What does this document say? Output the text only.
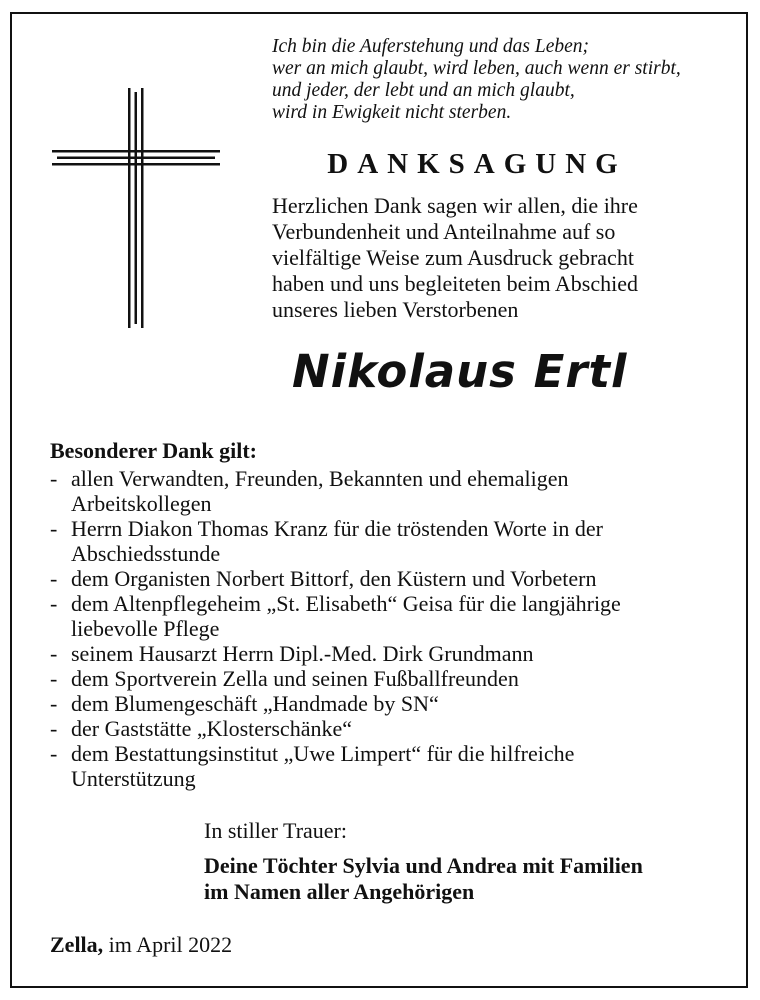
Ich bin die Auferstehung und das Leben;
wer an mich glaubt, wird leben, auch wenn er stirbt,
und jeder, der lebt und an mich glaubt,
wird in Ewigkeit nicht sterben.
DANKSAGUNG
Herzlichen Dank sagen wir allen, die ihre
Verbundenheit und Anteilnahme auf so
vielfältige Weise zum Ausdruck gebracht
haben und uns begleiteten beim Abschied
unseres lieben Verstorbenen
Nikolaus Ertl
Besonderer Dank gilt:
- allen Verwandten, Freunden, Bekannten und ehemaligen
Arbeitskollegen
- Herrn Diakon Thomas Kranz für die tröstenden Worte in der
Abschiedsstunde
- dem Organisten Norbert Bittorf, den Küstern und Vorbetern
- dem Altenpflegeheim „St. Elisabeth“ Geisa für die langjährige
liebevolle Pflege
- seinem Hausarzt Herrn Dipl.-Med. Dirk Grundmann
- dem Sportverein Zella und seinen Fußballfreunden
- dem Blumengeschäft „Handmade by SN“
- der Gaststätte „Klosterschänke“
- dem Bestattungsinstitut „Uwe Limpert“ für die hilfreiche
Unterstützung

In stiller Trauer:

Deine Töchter Sylvia und Andrea mit Familien
im Namen aller Angehörigen
Zella, im April 2022
